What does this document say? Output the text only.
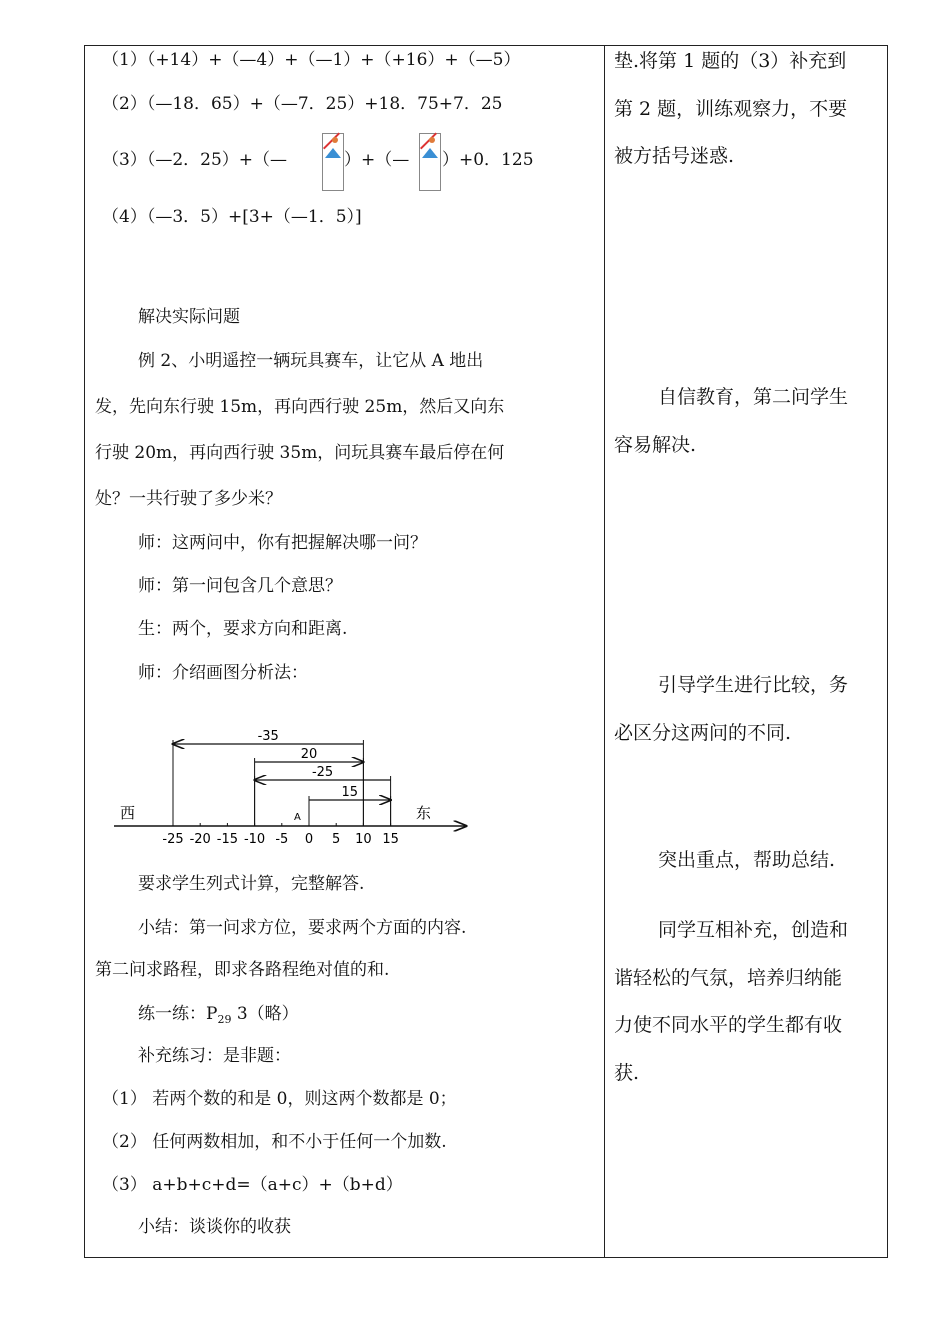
（1）（+14）+（—4）+（—1）+（+16）+（—5）
（2）（—18．65）+（—7．25）+18．75+7．25
（3）（—2．25）+（—	）+（— ）+0．125
（4）（—3．5）+[3+（—1．5）]
解决实际问题
例 2、小明遥控一辆玩具赛车，让它从 A 地出
发，先向东行驶 15m，再向西行驶 25m，然后又向东
行驶 20m，再向西行驶 35m，问玩具赛车最后停在何
处？一共行驶了多少米？
师：这两问中，你有把握解决哪一问？
师：第一问包含几个意思？
生：两个，要求方向和距离.
师：介绍画图分析法：
西	东
A
-25 -20 -15 -10 -5 0 5 10 15
15
-25
20
-35
要求学生列式计算，完整解答.
小结：第一问求方位，要求两个方面的内容.
第二问求路程，即求各路程绝对值的和.
练一练：$P_{29}$ 3（略）
补充练习：是非题：
（1） 若两个数的和是 0，则这两个数都是 0；
（2） 任何两数相加，和不小于任何一个加数.
（3） a+b+c+d=（a+c）+（b+d）
小结：谈谈你的收获
垫.将第 1 题的（3）补充到
第 2 题，训练观察力，不要
被方括号迷惑.
自信教育，第二问学生
容易解决.
引导学生进行比较，务
必区分这两问的不同.
突出重点，帮助总结.
同学互相补充，创造和
谐轻松的气氛，培养归纳能
力使不同水平的学生都有收
获.
